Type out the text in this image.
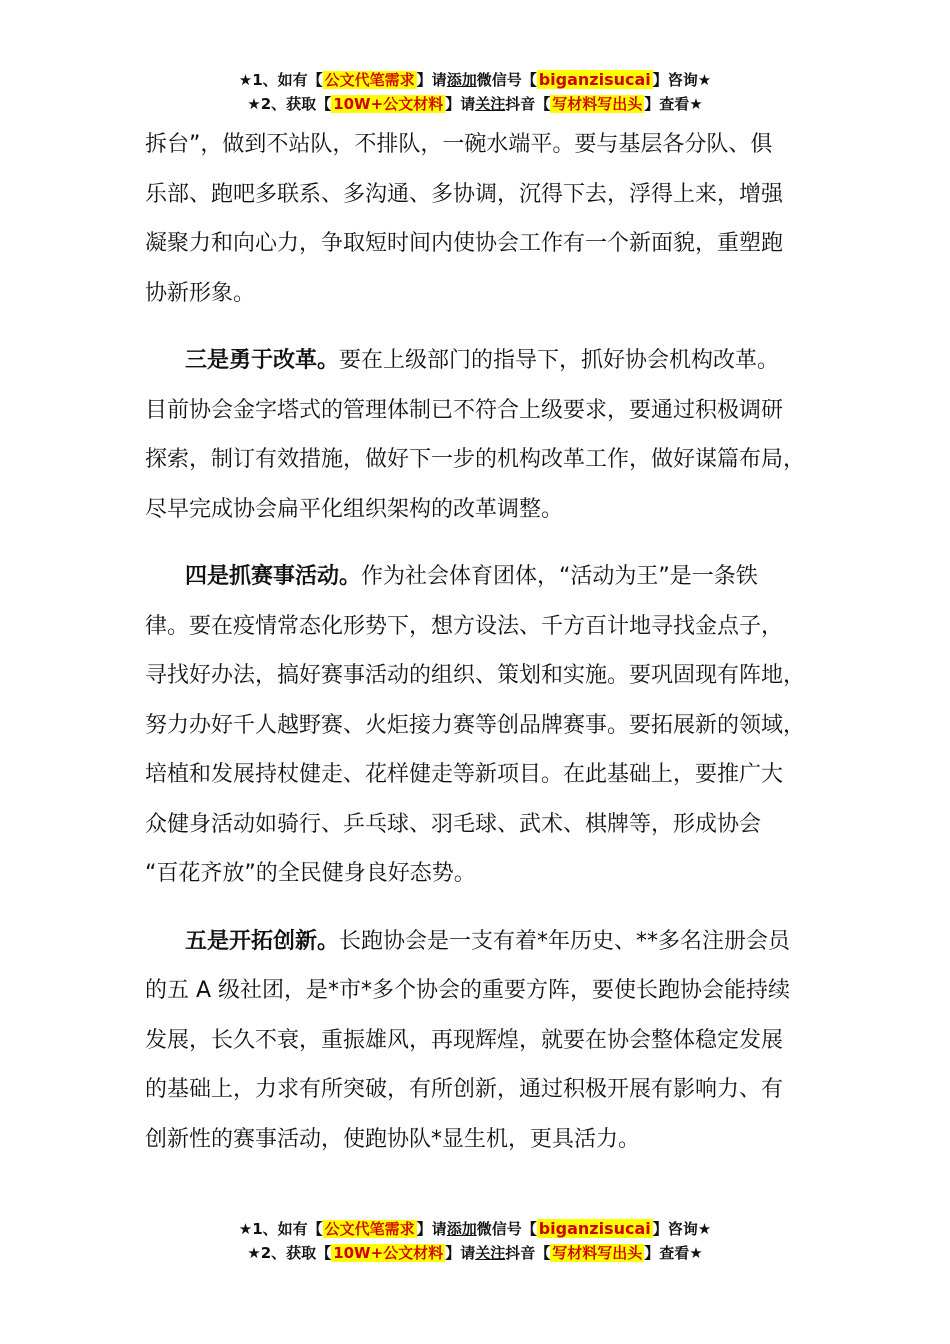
★1、如有【 公文代笔需求 】请添加微信号【 biganzisucai 】咨询★
★2、获取【 10W+公文材料 】请关注抖音【 写材料写出头 】查看★
拆台”，做到不站队，不排队，一碗水端平。要与基层各分队、俱
乐部、跑吧多联系、多沟通、多协调，沉得下去，浮得上来，增强
凝聚力和向心力，争取短时间内使协会工作有一个新面貌，重塑跑
协新形象。
三是勇于改革。要在上级部门的指导下，抓好协会机构改革。
目前协会金字塔式的管理体制已不符合上级要求，要通过积极调研
探索，制订有效措施，做好下一步的机构改革工作，做好谋篇布局，
尽早完成协会扁平化组织架构的改革调整。
四是抓赛事活动。作为社会体育团体，“活动为王”是一条铁
律。要在疫情常态化形势下，想方设法、千方百计地寻找金点子，
寻找好办法，搞好赛事活动的组织、策划和实施。要巩固现有阵地，
努力办好千人越野赛、火炬接力赛等创品牌赛事。要拓展新的领域，
培植和发展持杖健走、花样健走等新项目。在此基础上，要推广大
众健身活动如骑行、乒乓球、羽毛球、武术、棋牌等，形成协会
“百花齐放”的全民健身良好态势。
五是开拓创新。长跑协会是一支有着*年历史、**多名注册会员
的五 A 级社团，是*市*多个协会的重要方阵，要使长跑协会能持续
发展，长久不衰，重振雄风，再现辉煌，就要在协会整体稳定发展
的基础上，力求有所突破，有所创新，通过积极开展有影响力、有
创新性的赛事活动，使跑协队*显生机，更具活力。
★1、如有【 公文代笔需求 】请添加微信号【 biganzisucai 】咨询★
★2、获取【 10W+公文材料 】请关注抖音【 写材料写出头 】查看★
